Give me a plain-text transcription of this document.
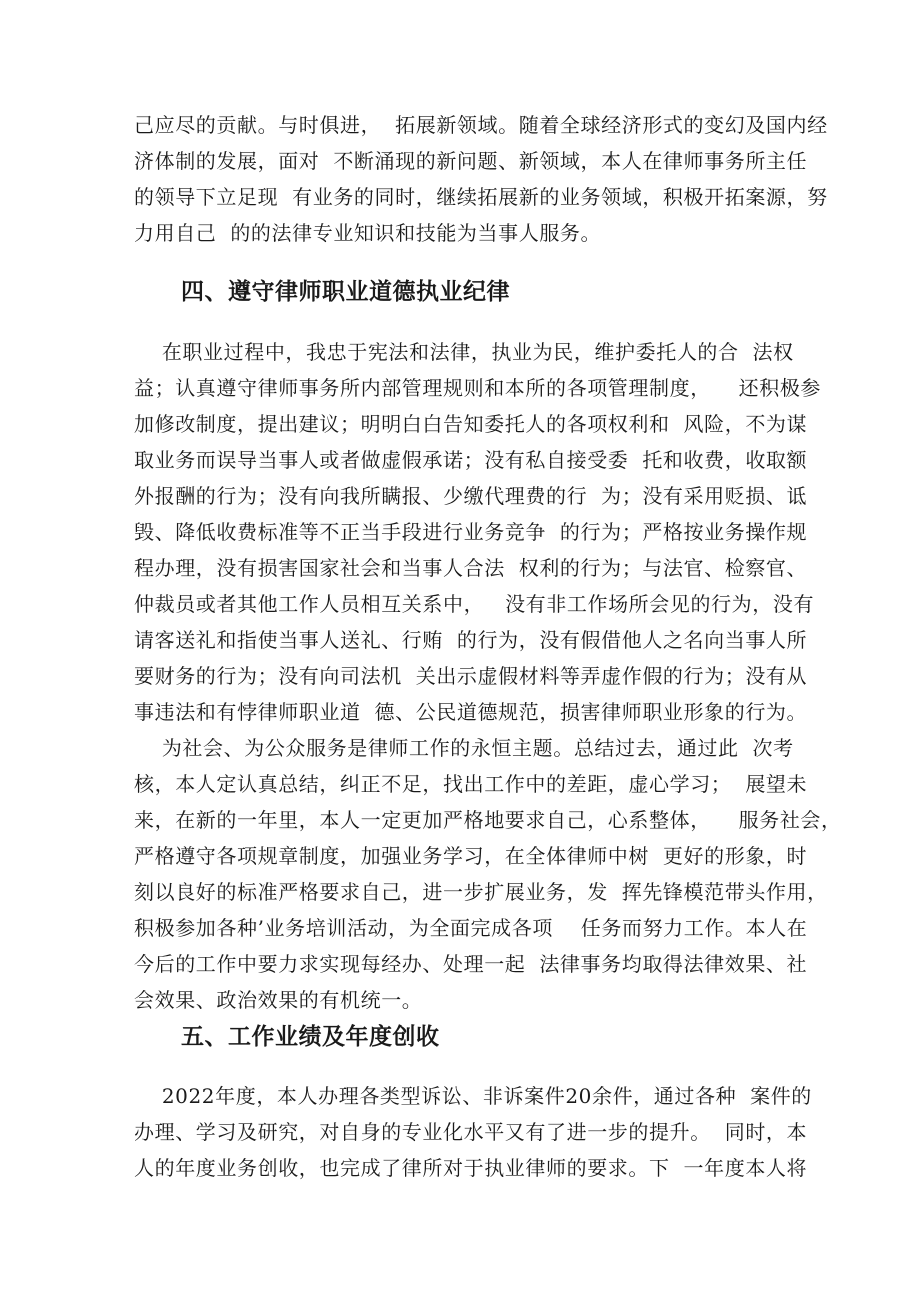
己应尽的贡献。与时俱进，  拓展新领域。随着全球经济形式的变幻及国内经
济体制的发展，面对  不断涌现的新问题、新领域，本人在律师事务所主任
的领导下立足现  有业务的同时，继续拓展新的业务领域，积极开拓案源，努
力用自己  的的法律专业知识和技能为当事人服务。
四、遵守律师职业道德执业纪律
在职业过程中，我忠于宪法和法律，执业为民，维护委托人的合  法权
益；认真遵守律师事务所内部管理规则和本所的各项管理制度，    还积极参
加修改制度，提出建议；明明白白告知委托人的各项权利和  风险，不为谋
取业务而误导当事人或者做虚假承诺；没有私自接受委  托和收费，收取额
外报酬的行为；没有向我所瞒报、少缴代理费的行  为；没有采用贬损、诋
毁、降低收费标准等不正当手段进行业务竞争  的行为；严格按业务操作规
程办理，没有损害国家社会和当事人合法  权利的行为；与法官、检察官、
仲裁员或者其他工作人员相互关系中，   没有非工作场所会见的行为，没有
请客送礼和指使当事人送礼、行贿  的行为，没有假借他人之名向当事人所
要财务的行为；没有向司法机  关出示虚假材料等弄虚作假的行为；没有从
事违法和有悖律师职业道  德、公民道德规范，损害律师职业形象的行为。
为社会、为公众服务是律师工作的永恒主题。总结过去，通过此  次考
核，本人定认真总结，纠正不足，找出工作中的差距，虚心学习；  展望未
来，在新的一年里，本人一定更加严格地要求自己，心系整体，    服务社会，
严格遵守各项规章制度，加强业务学习，在全体律师中树  更好的形象，时
刻以良好的标准严格要求自己，进一步扩展业务，发  挥先锋模范带头作用，
积极参加各种’业务培训活动，为全面完成各项    任务而努力工作。本人在
今后的工作中要力求实现每经办、处理一起  法律事务均取得法律效果、社
会效果、政治效果的有机统一。
五、工作业绩及年度创收
2022年度，本人办理各类型诉讼、非诉案件20余件，通过各种  案件的
办理、学习及研究，对自身的专业化水平又有了进一步的提升。  同时，本
人的年度业务创收，也完成了律所对于执业律师的要求。下  一年度本人将
